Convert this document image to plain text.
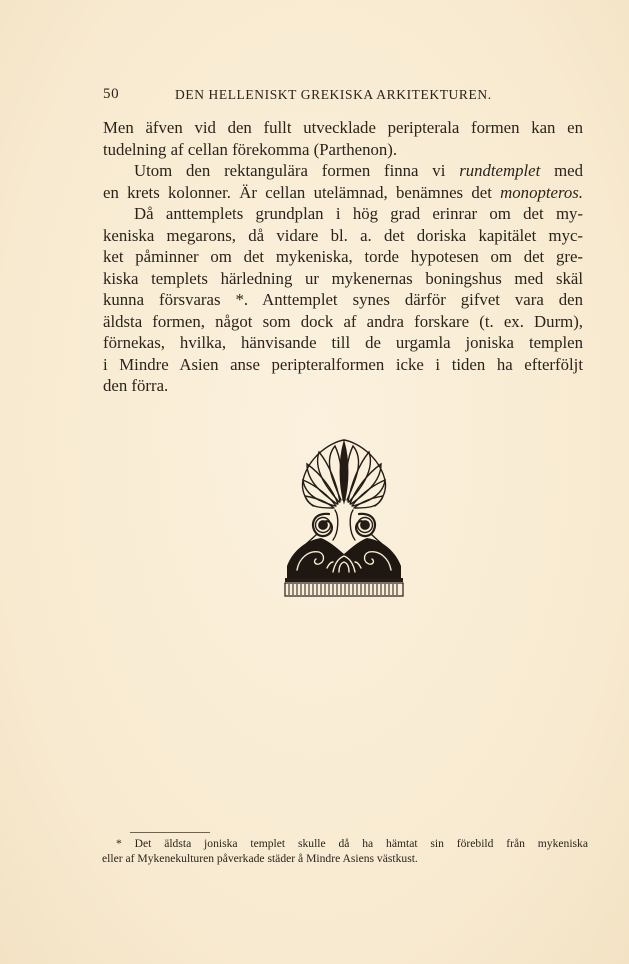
50	DEN HELLENISKT GREKISKA ARKITEKTUREN.
Men äfven vid den fullt utvecklade peripterala formen kan en
tudelning af cellan förekomma (Parthenon).
Utom den rektangulära formen finna vi rundtemplet med
en krets kolonner. Är cellan utelämnad, benämnes det monopteros.
Då anttemplets grundplan i hög grad erinrar om det my-
keniska megarons, då vidare bl. a. det doriska kapitälet myc-
ket påminner om det mykeniska, torde hypotesen om det gre-
kiska templets härledning ur mykenernas boningshus med skäl
kunna försvaras *. Anttemplet synes därför gifvet vara den
äldsta formen, något som dock af andra forskare (t. ex. Durm),
förnekas, hvilka, hänvisande till de urgamla joniska templen
i Mindre Asien anse peripteralformen icke i tiden ha efterföljt
den förra.
* Det äldsta joniska templet skulle då ha hämtat sin förebild från mykeniska
eller af Mykenekulturen påverkade städer å Mindre Asiens västkust.
